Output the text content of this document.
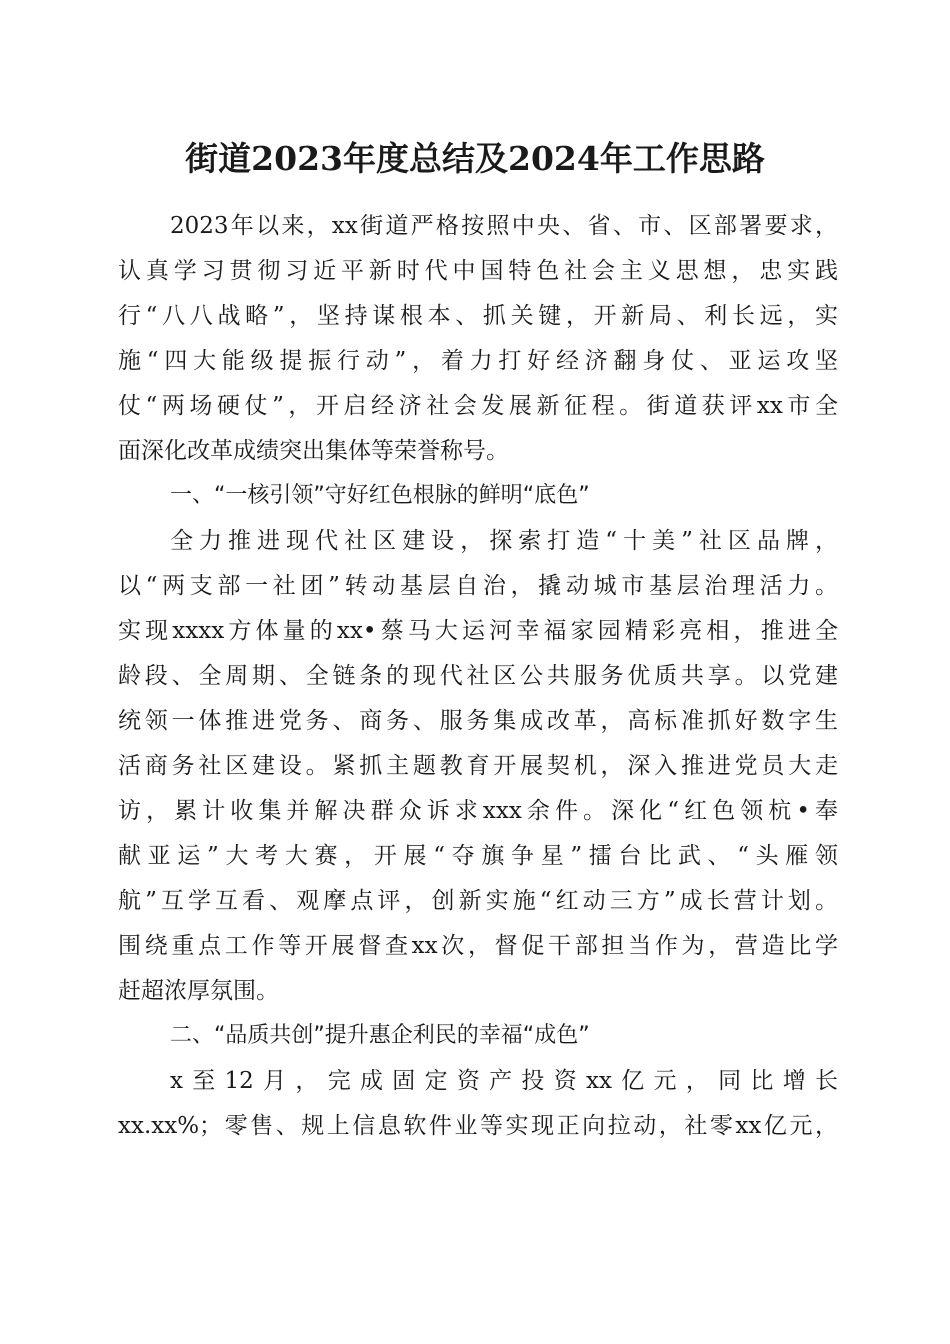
街道2023年度总结及2024年工作思路
2023年以来，xx街道严格按照中央、省、市、区部署要求，
认真学习贯彻习近平新时代中国特色社会主义思想，忠实践
行“八八战略”，坚持谋根本、抓关键，开新局、利长远，实
施“四大能级提振行动”，着力打好经济翻身仗、亚运攻坚
仗“两场硬仗”，开启经济社会发展新征程。街道获评xx市全
面深化改革成绩突出集体等荣誉称号。
一、“一核引领”守好红色根脉的鲜明“底色”
全力推进现代社区建设，探索打造“十美”社区品牌，
以“两支部一社团”转动基层自治，撬动城市基层治理活力。
实现xxxx方体量的xx•蔡马大运河幸福家园精彩亮相，推进全
龄段、全周期、全链条的现代社区公共服务优质共享。以党建
统领一体推进党务、商务、服务集成改革，高标准抓好数字生
活商务社区建设。紧抓主题教育开展契机，深入推进党员大走
访，累计收集并解决群众诉求xxx余件。深化“红色领杭•奉
献亚运”大考大赛，开展“夺旗争星”擂台比武、“头雁领
航”互学互看、观摩点评，创新实施“红动三方”成长营计划。
围绕重点工作等开展督查xx次，督促干部担当作为，营造比学
赶超浓厚氛围。
二、“品质共创”提升惠企利民的幸福“成色”
x至12月，完成固定资产投资xx亿元，同比增长
xx.xx%；零售、规上信息软件业等实现正向拉动，社零xx亿元，
